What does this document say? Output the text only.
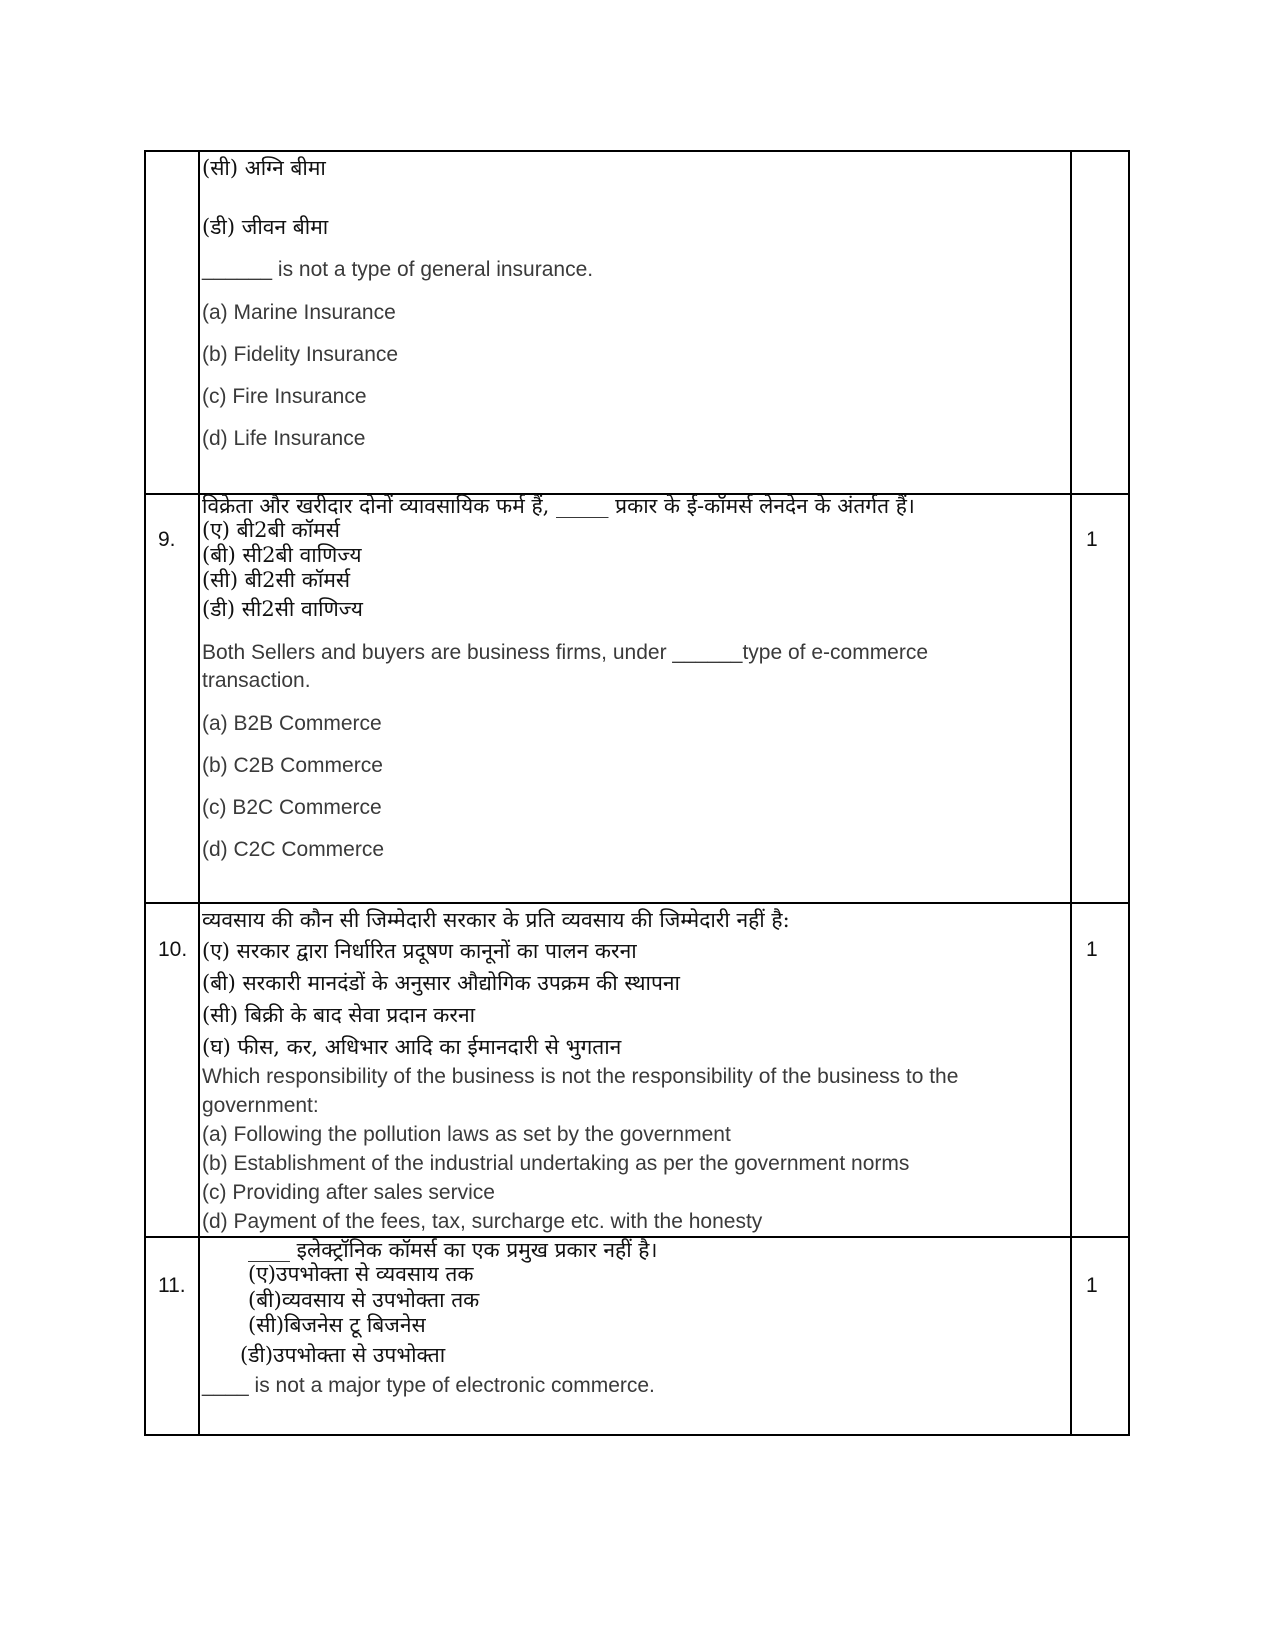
(सी) अग्नि बीमा
(डी) जीवन बीमा
______ is not a type of general insurance.
(a) Marine Insurance
(b) Fidelity Insurance
(c) Fire Insurance
(d) Life Insurance
9.
विक्रेता और खरीदार दोनों व्यावसायिक फर्म हैं, _____ प्रकार के ई-कॉमर्स लेनदेन के अंतर्गत हैं।
(ए) बी2बी कॉमर्स
(बी) सी2बी वाणिज्य
(सी) बी2सी कॉमर्स
(डी) सी2सी वाणिज्य
Both Sellers and buyers are business firms, under ______type of e-commerce
transaction.
(a) B2B Commerce
(b) C2B Commerce
(c) B2C Commerce
(d) C2C Commerce
1
10.
व्यवसाय की कौन सी जिम्मेदारी सरकार के प्रति व्यवसाय की जिम्मेदारी नहीं है:
(ए) सरकार द्वारा निर्धारित प्रदूषण कानूनों का पालन करना
(बी) सरकारी मानदंडों के अनुसार औद्योगिक उपक्रम की स्थापना
(सी) बिक्री के बाद सेवा प्रदान करना
(घ) फीस, कर, अधिभार आदि का ईमानदारी से भुगतान
Which responsibility of the business is not the responsibility of the business to the
government:
(a) Following the pollution laws as set by the government
(b) Establishment of the industrial undertaking as per the government norms
(c) Providing after sales service
(d) Payment of the fees, tax, surcharge etc. with the honesty
1
11.
____ इलेक्ट्रॉनिक कॉमर्स का एक प्रमुख प्रकार नहीं है।
(ए)उपभोक्ता से व्यवसाय तक
(बी)व्यवसाय से उपभोक्ता तक
(सी)बिजनेस टू बिजनेस
(डी)उपभोक्ता से उपभोक्ता
____ is not a major type of electronic commerce.
1
